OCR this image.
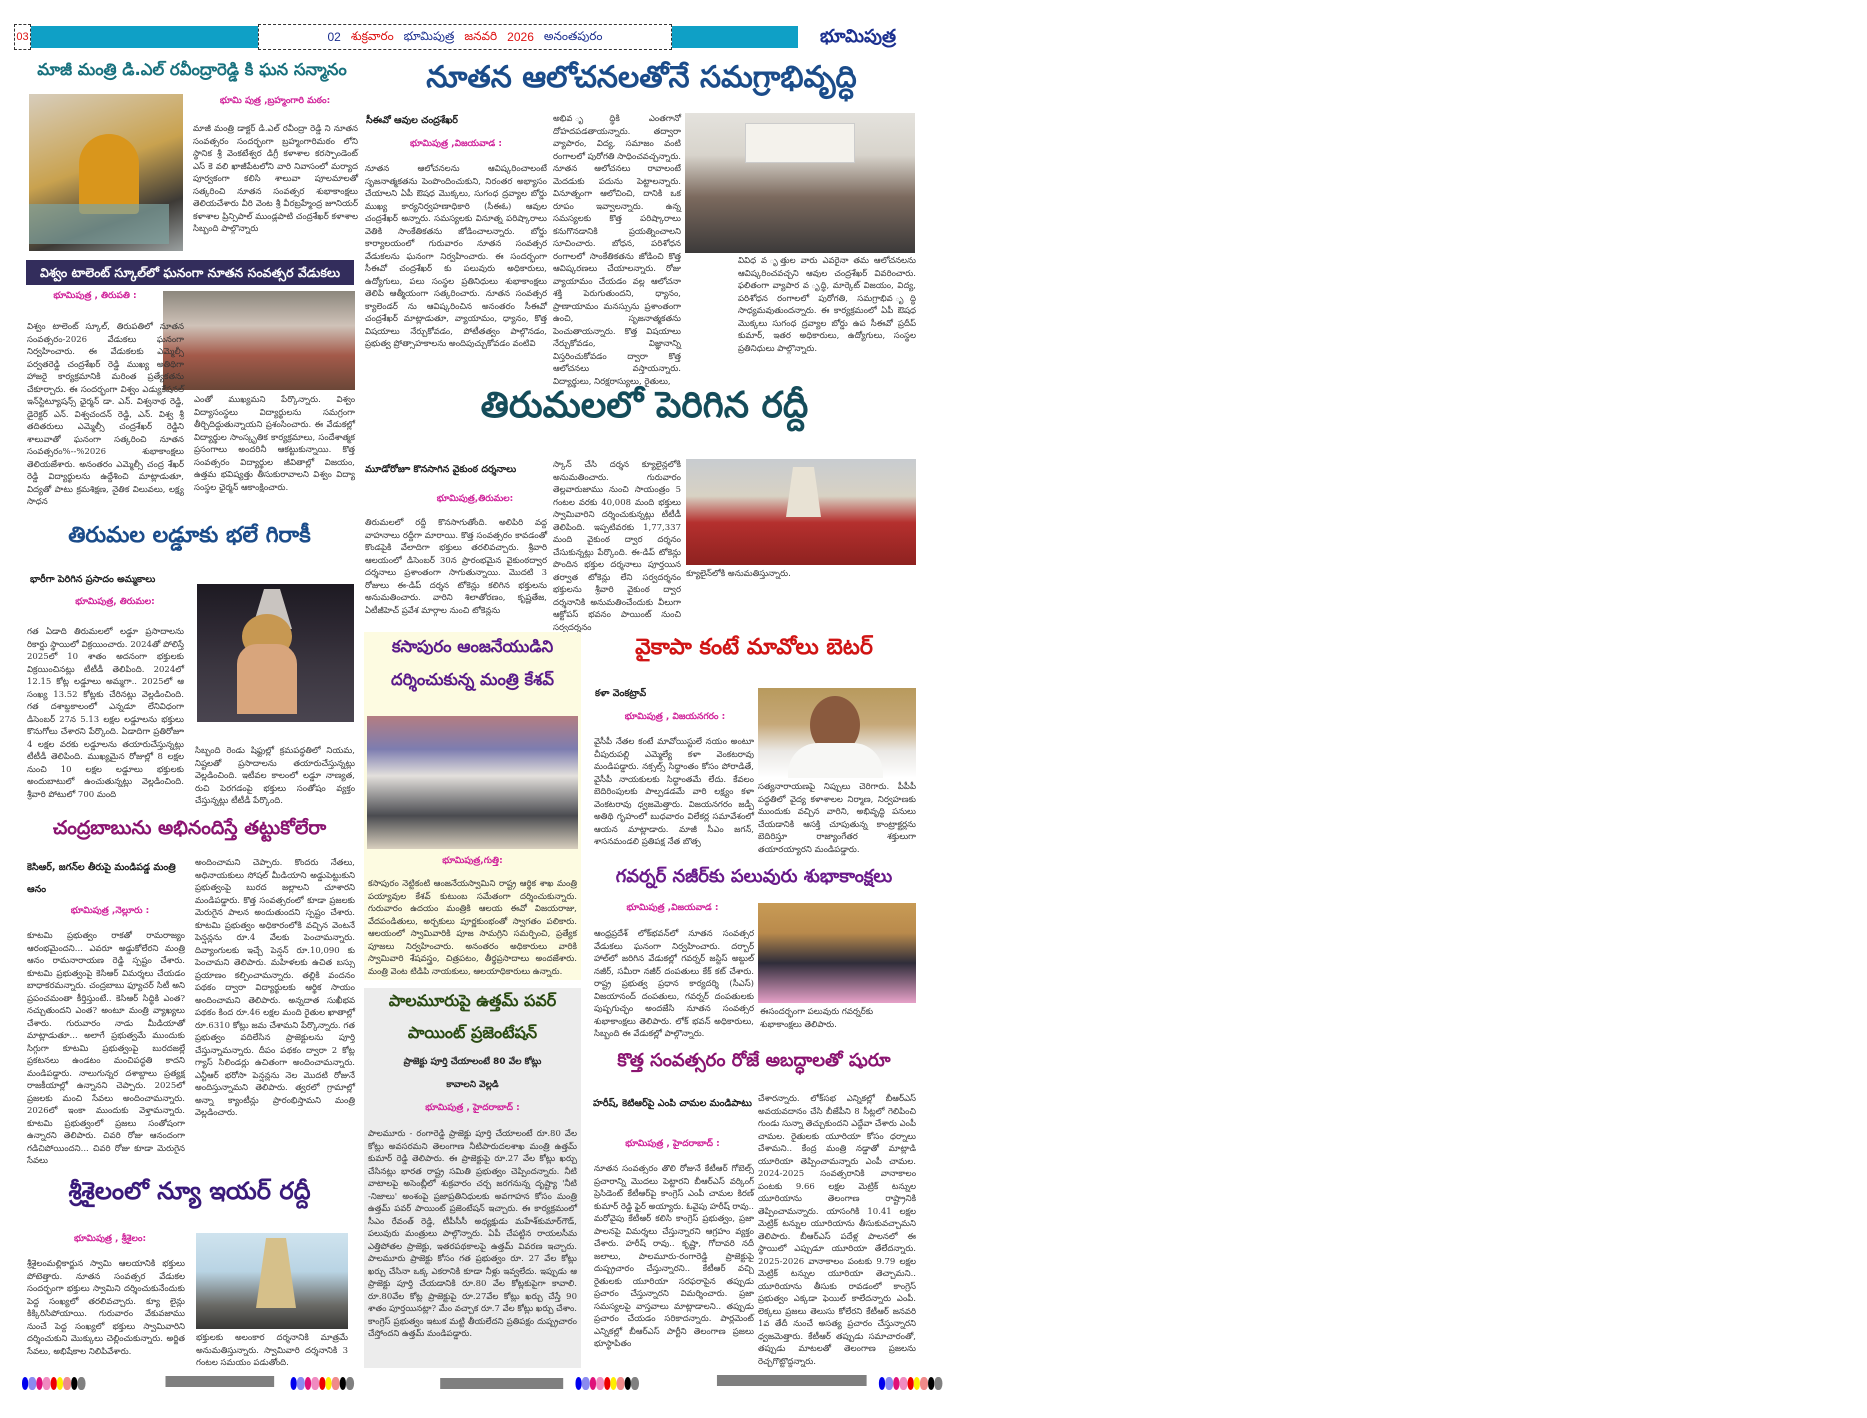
03	02 శుక్రవారం భూమిపుత్ర జనవరి 2026 అనంతపురం	భూమిపుత్ర
మాజీ మంత్రి డి.ఎల్ రవీంద్రారెడ్డి కి ఘన సన్మానం
భూమి పుత్ర ,బ్రహ్మంగారి మఠం:
మాజీ మంత్రి డాక్టర్ డి.ఎల్ రవీంద్రా రెడ్డి ని నూతన సంవత్సరం సందర్భంగా బ్రహ్మంగారిమఠం లోని స్థానిక శ్రీ వెంకటేశ్వర డిగ్రీ కళాశాల కరస్పాండెంట్ ఎస్ కె వలి ఖాజీపేటలోని వారి నివాసంలో మర్యాద పూర్వకంగా కలిసి శాలువా పూలమాలతో సత్కరించి నూతన సంవత్సర శుభాకాంక్షలు తెలియచేశారు వీరి వెంట శ్రీ వీరబ్రహ్మేంద్ర జూనియర్ కళాశాల ప్రిన్సిపాల్ ముండ్లపాటి చంద్రశేఖర్ కళాశాల సిబ్బంది పాల్గొన్నారు
విశ్వం టాలెంట్ స్కూల్‌లో ఘనంగా నూతన సంవత్సర వేడుకలు
భూమిపుత్ర , తిరుపతి :
విశ్వం టాలెంట్ స్కూల్, తిరుపతిలో నూతన సంవత్సరం-2026 వేడుకలు ఘనంగా నిర్వహించారు. ఈ వేడుకలకు ఎమ్మెల్సీ పర్వతరెడ్డి చంద్రశేఖర్ రెడ్డి ముఖ్య అతిథిగా హాజరై కార్యక్రమానికి మరింత ప్రత్యేకతను చేకూర్చారు. ఈ సందర్భంగా విశ్వం ఎడ్యుకేషనల్ ఇన్‌స్టిట్యూషన్స్ ఛైర్మన్ డా. ఎన్. విశ్వనాథ రెడ్డి, డైరెక్టర్ ఎన్. విశ్వచందన్ రెడ్డి, ఎన్. విశ్వ శ్రీ తదితరులు ఎమ్మెల్సీ చంద్రశేఖర్ రెడ్డిని శాలువాతో ఘనంగా సత్కరించి నూతన సంవత్సరం%--%2026 శుభాకాంక్షలు తెలియజేశారు. అనంతరం ఎమ్మెల్సీ చంద్ర శేఖర్ రెడ్డి విద్యార్థులను ఉద్దేశించి మాట్లాడుతూ, విద్యతో పాటు క్రమశిక్షణ, నైతిక విలువలు, లక్ష్య సాధన
ఎంతో ముఖ్యమని పేర్కొన్నారు. విశ్వం విద్యాసంస్థలు విద్యార్థులను సమగ్రంగా తీర్చిదిద్దుతున్నాయని ప్రశంసించారు. ఈ వేడుకల్లో విద్యార్థుల సాంస్కృతిక కార్యక్రమాలు, సందేశాత్మక ప్రసంగాలు అందరినీ ఆకట్టుకున్నాయి. కొత్త సంవత్సరం విద్యార్థుల జీవితాల్లో విజయం, ఉత్తమ భవిష్యత్తు తీసుకురావాలని విశ్వం విద్యా సంస్థల ఛైర్మన్ ఆకాంక్షించారు.
నూతన ఆలోచనలతోనే సమగ్రాభివృద్ధి
సీఈవో ఆవుల చంద్రశేఖర్
భూమిపుత్ర ,విజయవాడ :
నూతన ఆలోచనలను ఆవిష్కరించాలంటే సృజనాత్మకతను పెంపొందించుకుని, నిరంతర అభ్యాసం చేయాలని ఏపీ ఔషధ మొక్కలు, సుగంధ ద్రవ్యాల బోర్డు ముఖ్య కార్యనిర్వహణాధికారి (సీఈఓ) ఆవుల చంద్రశేఖర్ అన్నారు. సమస్యలకు వినూత్న పరిష్కారాలు వెతికి సాంకేతికతను జోడించాలన్నారు. బోర్డు కార్యాలయంలో గురువారం నూతన సంవత్సర వేడుకలను ఘనంగా నిర్వహించారు. ఈ సందర్భంగా సీఈవో చంద్రశేఖర్ కు పలువురు అధికారులు, ఉద్యోగులు, పలు సంస్థల ప్రతినిధులు శుభాకాంక్షలు తెలిపి ఆత్మీయంగా సత్కరించారు. నూతన సంవత్సర క్యాలెండర్ ను ఆవిష్కరించిన అనంతరం సీఈవో చంద్రశేఖర్ మాట్లాడుతూ, వ్యాయామం, ధ్యానం, కొత్త విషయాలు నేర్చుకోవడం, పోటీతత్వం పాల్గొనడం, ప్రభుత్వ ప్రోత్సాహకాలను అందిపుచ్చుకోవడం వంటివి
అభివ ృద్ధికి ఎంతగానో దోహదపడతాయన్నారు. తద్వారా వ్యాపారం, విద్య, సమాజం వంటి రంగాలలో పురోగతి సాధించవచ్చన్నారు. నూతన ఆలోచనలు రావాలంటే మెదడుకు పదును పెట్టాలన్నారు. వినూత్నంగా ఆలోచించి, దానికి ఒక రూపం ఇవ్వాలన్నారు. ఉన్న సమస్యలకు కొత్త పరిష్కారాలు కనుగొనడానికి ప్రయత్నించాలని సూచించారు. బోధన, పరిశోధన రంగాలలో సాంకేతికతను జోడించి కొత్త ఆవిష్కరణలు చేయాలన్నారు. రోజు వ్యాయామం చేయడం వల్ల ఆలోచనా శక్తి పెరుగుతుందని, ధ్యానం, ప్రాణాయామం మనస్సును ప్రశాంతంగా ఉంచి, సృజనాత్మకతను పెంచుతాయన్నారు. కొత్త విషయాలు నేర్చుకోవడం, విజ్ఞానాన్ని విస్తరించుకోవడం ద్వారా కొత్త ఆలోచనలు వస్తాయన్నారు. విద్యార్థులు, నిరక్షరాస్యులు, రైతులు,
వివిధ వ ృత్తుల వారు ఎవరైనా తమ ఆలోచనలను ఆవిష్కరించవచ్చని ఆవుల చంద్రశేఖర్ వివరించారు. ఫలితంగా వ్యాపార వ ృద్ధి, మార్కెట్ విజయం, విద్య, పరిశోధన రంగాలలో పురోగతి, సమగ్రాభివ ృద్ధి సాధ్యమవుతుందన్నారు. ఈ కార్యక్రమంలో ఏపీ ఔషధ మొక్కలు సుగంధ ద్రవ్యాల బోర్డు ఉప సీఈవో ప్రదీప్ కుమార్, ఇతర అధికారులు, ఉద్యోగులు, సంస్థల ప్రతినిధులు పాల్గొన్నారు.
తిరుమలలో పెరిగిన రద్దీ
మూడోరోజూ కొనసాగిన వైకుంఠ దర్శనాలు
భూమిపుత్ర,తిరుమల:
తిరుమలలో రద్దీ కొనసాగుతోంది. అలిపిరి వద్ద వాహనాలు రద్దీగా మారాయి. కొత్త సంవత్సరం కావడంతో కొండపైకి వేలాదిగా భక్తులు తరలివచ్చారు. శ్రీవారి ఆలయంలో డిసెంబర్ 30న ప్రారంభమైన వైకుంఠద్వార దర్శనాలు ప్రశాంతంగా సాగుతున్నాయి. మొదటి 3 రోజులు ఈ-డిప్ దర్శన టోకెన్లు కలిగిన భక్తులను అనుమతించారు. వారిని శిలాతోరణం, కృష్ణతేజ, ఏటీజీహెచ్ ప్రవేశ మార్గాల నుంచి టోకెన్లను
స్కాన్ చేసి దర్శన క్యూలైన్లలోకి అనుమతించారు. గురువారం తెల్లవారుజాము నుంచి సాయంత్రం 5 గంటల వరకు 40,008 మంది భక్తులు స్వామివారిని దర్శించుకున్నట్లు టీటీడీ తెలిపింది. ఇప్పటివరకు 1,77,337 మంది వైకుంఠ ద్వార దర్శనం చేసుకున్నట్లు పేర్కొంది. ఈ-డిప్ టోకెన్లు పొందిన భక్తుల దర్శనాలు పూర్తయిన తర్వాత టోకెన్లు లేని సర్వదర్శనం భక్తులను శ్రీవారి వైకుంఠ ద్వార దర్శనానికి అనుమతించేందుకు వీలుగా ఆక్టోపస్ భవనం పాయింట్ నుంచి సర్వదర్శనం
క్యూలైన్‌లోకి అనుమతిస్తున్నారు.
తిరుమల లడ్డూకు భలే గిరాకీ
భారీగా పెరిగిన ప్రసాదం అమ్మకాలు
భూమిపుత్ర, తిరుమల:
గత ఏడాది తిరుమలలో లడ్డూ ప్రసాదాలను రికార్డు స్థాయిలో విక్రయించారు. 2024తో పోలిస్తే 2025లో 10 శాతం అదనంగా భక్తులకు విక్రయించినట్లు టీటీడీ తెలిపింది. 2024లో 12.15 కోట్ల లడ్డూలు అమ్మగా.. 2025లో ఆ సంఖ్య 13.52 కోట్లకు చేరినట్లు వెల్లడించింది. గత దశాబ్దకాలంలో ఎన్నడూ లేనివిధంగా డిసెంబర్ 27న 5.13 లక్షల లడ్డూలను భక్తులు కొనుగోలు చేశారని పేర్కొంది. ఏడాదిగా ప్రతిరోజూ 4 లక్షల వరకు లడ్డూలను తయారుచేస్తున్నట్లు టీటీడీ తెలిపింది. ముఖ్యమైన రోజుల్లో 8 లక్షల నుంచి 10 లక్షల లడ్డూలు భక్తులకు అందుబాటులో ఉంచుతున్నట్లు వెల్లడించింది. శ్రీవారి పోటులో 700 మంది
సిబ్బంది రెండు షిఫ్టుల్లో క్రమపద్ధతిలో నియమ, నిష్టలతో ప్రసాదాలను తయారుచేస్తున్నట్లు వెల్లడించింది. ఇటీవల కాలంలో లడ్డూ నాణ్యత, రుచి పెరగడంపై భక్తులు సంతోషం వ్యక్తం చేస్తున్నట్లు టీటీడీ పేర్కొంది.
కసాపురం ఆంజనేయుడిని
దర్శించుకున్న మంత్రి కేశవ్
భూమిపుత్ర,గుత్తి:
కసాపురం నెట్టికంటి ఆంజనేయస్వామిని రాష్ట్ర ఆర్థిక శాఖ మంత్రి పయ్యావుల కేశవ్ కుటుంబ సమేతంగా దర్శించుకున్నారు. గురువారం ఉదయం మంత్రికి ఆలయ ఈవో విజయరాజు, వేదపండితులు, అర్చకులు పూర్ణకుంభంతో స్వాగతం పలికారు. ఆలయంలో స్వామివారికి పూజ సామగ్రిని సమర్పించి, ప్రత్యేక పూజలు నిర్వహించారు. అనంతరం అధికారులు వారికి స్వామివారి శేషవస్త్రం, చిత్రపటం, తీర్థప్రసాదాలు అందజేశారు. మంత్రి వెంట టిడిపి నాయకులు, ఆలయాధికారులు ఉన్నారు.
వైకాపా కంటే మావోలు బెటర్
కళా వెంకట్రావ్
భూమిపుత్ర , విజయనగరం :
వైసీపీ నేతల కంటే మావోయిస్టులే నయం అంటూ చీపురుపల్లి ఎమ్మెల్యే కళా వెంకటరావు మండిపడ్డారు. నక్సల్స్ సిద్ధాంతం కోసం పోరాడితే, వైసీపీ నాయకులకు సిద్ధాంతమే లేదు. కేవలం బెదిరింపులకు పాల్పడడమే వారి లక్ష్యం కళా వెంకటరావు ధ్వజమెత్తారు. విజయనగరం జడ్పీ అతిథి గృహంలో బుధవారం విలేకర్ల సమావేశంలో ఆయన మాట్లాడారు. మాజీ సీఎం జగన్, శాసనమండలి ప్రతిపక్ష నేత బొత్స
సత్యనారాయణపై నిప్పులు చెరిగారు. పీపీపీ పద్ధతిలో వైద్య కళాశాలల నిర్మాణ, నిర్వహణకు ముందుకు వచ్చిన వారిని, అభివృద్ధి పనులు చేయడానికి ఆసక్తి చూపుతున్న కాంట్రాక్టర్లను బెదిరిస్తూ రాజ్యాంగేతర శక్తులుగా తయారయ్యారని మండిపడ్డారు.
చంద్రబాబును అభినందిస్తే తట్టుకోలేరా
కెసిఆర్, జగన్‌ల తీరుపై మండిపడ్డ మంత్రి ఆనం
భూమిపుత్ర ,నెల్లూరు :
కూటమి ప్రభుత్వం రాకతో రామరాజ్యం ఆరంభమైందని... ఎవరూ అడ్డుకోలేరని మంత్రి ఆనం రామనారాయణ రెడ్డి స్పష్టం చేశారు. కూటమి ప్రభుత్వంపై కెసిఆర్ విమర్శలు చేయడం బాధాకరమన్నారు. చంద్రబాబు ఫ్యూచర్ సిటీ అని ప్రపంచమంతా కీర్తిస్తుంటే.. కెసిఆర్ సిద్ధికి ఎంత? నచ్చుతుందని ఎంత? అంటూ మంత్రి వ్యాఖ్యలు చేశారు. గురువారం నాడు మీడియాతో మాట్లాడుతూ... అలాగే ప్రభుత్వమే ముందుకు సిగ్గుగా కూటమి ప్రభుత్వంపై బురదజల్లే ప్రకటనలు ఉండటం మంచిపద్ధతి కాదని మండిపడ్డారు. నాలుగున్నర దశాబ్దాలు ప్రత్యక్ష రాజకీయాల్లో ఉన్నానని చెప్పారు. 2025లో ప్రజలకు మంచి సేవలు అందించామన్నారు. 2026లో ఇంకా ముందుకు వెళ్తామన్నారు. కూటమి ప్రభుత్వంలో ప్రజలు సంతోషంగా ఉన్నారని తెలిపారు. చివరి రోజు ఆనందంగా గడిచిపోయిందని... చివరి రోజు కూడా మెరుగైన సేవలు
అందించామని చెప్పారు. కొందరు నేతలు, అధినాయకులు సోషల్ మీడియాని అడ్డుపెట్టుకుని ప్రభుత్వంపై బురద జల్లాలని చూశారని మండిపడ్డారు. కొత్త సంవత్సరంలో కూడా ప్రజలకు మెరుగైన పాలన అందుతుందని స్పష్టం చేశారు. కూటమి ప్రభుత్వం అధికారంలోకి వచ్చిన వెంటనే పెన్షన్లను రూ.4 వేలకు పెంచామన్నారు. దివ్యాంగులకు ఇచ్చే పెన్షన్ రూ.10,090 కు పెంచామని తెలిపారు. మహిళలకు ఉచిత బస్సు ప్రయాణం కల్పించామన్నారు. తల్లికి వందనం పథకం ద్వారా విద్యార్థులకు ఆర్థిక సాయం అందించామని తెలిపారు. అన్నదాత సుఖీభవ పథకం కింద రూ.46 లక్షల మంది రైతుల ఖాతాల్లో రూ.6310 కోట్లు జమ చేశామని పేర్కొన్నారు. గత ప్రభుత్వం వదిలేసిన ప్రాజెక్టులను పూర్తి చేస్తున్నామన్నారు. దీపం పథకం ద్వారా 2 కోట్ల గ్యాస్ సిలిండర్లు ఉచితంగా అందించామన్నారు. ఎన్టీఆర్ భరోసా పెన్షన్లను నెల మొదటి రోజునే అందిస్తున్నామని తెలిపారు. త్వరలో గ్రామాల్లో అన్నా క్యాంటీన్లు ప్రారంభిస్తామని మంత్రి వెల్లడించారు.
గవర్నర్ నజీర్‌కు పలువురు శుభాకాంక్షలు
భూమిపుత్ర ,విజయవాడ :
ఆంధ్రప్రదేశ్ లోక్‌భవన్‌లో నూతన సంవత్సర వేడుకలు ఘనంగా నిర్వహించారు. దర్బార్ హాల్‌లో జరిగిన వేడుకల్లో గవర్నర్ జస్టిస్ అబ్దుల్ నజీర్, సమీరా నజీర్ దంపతులు కేక్ కట్ చేశారు. రాష్ట్ర ప్రభుత్వ ప్రధాన కార్యదర్శి (సీఎస్) విజయానంద్ దంపతులు, గవర్నర్ దంపతులకు పుష్పగుచ్ఛం అందజేసి నూతన సంవత్సర శుభాకాంక్షలు తెలిపారు. లోక్ భవన్ అధికారులు, సిబ్బంది ఈ వేడుకల్లో పాల్గొన్నారు.
ఈసందర్భంగా పలువురు గవర్నర్‌కు శుభాకాంక్షలు తెలిపారు.
పాలమూరుపై ఉత్తమ్ పవర్
పాయింట్ ప్రజెంటేషన్
ప్రాజెక్టు పూర్తి చేయాలంటే 80 వేల కోట్లు
కావాలని వెల్లడి
భూమిపుత్ర , హైదరాబాద్ :
పాలమూరు - రంగారెడ్డి ప్రాజెక్టు పూర్తి చేయాలంటే రూ.80 వేల కోట్లు అవసరమని తెలంగాణ నీటిపారుదలశాఖ మంత్రి ఉత్తమ్ కుమార్ రెడ్డి తెలిపారు. ఈ ప్రాజెక్టుపై రూ.27 వేల కోట్లు ఖర్చు చేసినట్లు భారత రాష్ట్ర సమితి ప్రభుత్వం చెప్పిందన్నారు. నీటి వాటాలపై అసెంబ్లీలో శుక్రవారం చర్చ జరగనున్న దృష్ట్యా 'నీటి -నిజాలు' అంశంపై ప్రజాప్రతినిధులకు అవగాహన కోసం మంత్రి ఉత్తమ్ పవర్ పాయింట్ ప్రజెంటేషన్ ఇచ్చారు. ఈ కార్యక్రమంలో సీఎం రేవంత్ రెడ్డి, టీపీసీసీ అధ్యక్షుడు మహేశ్‌కుమార్‌గౌడ్, పలువురు మంత్రులు పాల్గొన్నారు. ఏపీ చేపట్టిన రాయలసీమ ఎత్తిపోతల ప్రాజెక్టు, ఇతరపథకాలపై ఉత్తమ్ వివరణ ఇచ్చారు. పాలమూరు ప్రాజెక్టు కోసం గత ప్రభుత్వం రూ. 27 వేల కోట్లు ఖర్చు చేసినా ఒక్క ఎకరానికి కూడా నీళ్లు ఇవ్వలేదు. ఇప్పుడు ఆ ప్రాజెక్టు పూర్తి చేయడానికి రూ.80 వేల కోట్లకుపైగా కావాలి. రూ.80వేల కోట్ల ప్రాజెక్టుపై రూ.27వేల కోట్లు ఖర్చు చేస్తే 90 శాతం పూర్తయినట్లా? మేం వచ్చాక రూ.7 వేల కోట్లు ఖర్చు చేశాం. కాంగ్రెస్ ప్రభుత్వం ఇటుక మట్టి తీయలేదని ప్రతిపక్షం దుష్ప్రచారం చేస్తోందని ఉత్తమ్ మండిపడ్డారు.
కొత్త సంవత్సరం రోజే అబద్ధాలతో షురూ
హరీష్, కెటిఆర్‌పై ఎంపి చామల మండిపాటు
భూమిపుత్ర , హైదరాబాద్ :
నూతన సంవత్సరం తొలి రోజునే కేటీఆర్ గోబెల్స్ ప్రచారాన్ని మొదలు పెట్టారని బీఆర్ఎస్ వర్కింగ్ ప్రెసిడెంట్ కేటీఆర్‌పై కాంగ్రెస్ ఎంపీ చామల కిరణ్ కుమార్ రెడ్డి ఫైర్ అయ్యారు. ఓవైపు హరీష్ రావు.. మరోవైపు కేటీఆర్ కలిసి కాంగ్రెస్ ప్రభుత్వం, ప్రజా పాలనపై విమర్శలు చేస్తున్నారని ఆగ్రహం వ్యక్తం చేశారు. హరీష్ రావు.. కృష్ణా, గోదావరి నదీ జలాలు, పాలమూరు-రంగారెడ్డి ప్రాజెక్టుపై దుష్ప్రచారం చేస్తున్నారని.. కేటీఆర్ వచ్చి రైతులకు యూరియా సరఫరాపైన తప్పుడు ప్రచారం చేస్తున్నారని విమర్శించారు. ప్రజా సమస్యలపై వాస్తవాలు మాట్లాడాలని.. తప్పుడు ప్రచారం చేయడం సరికాదన్నారు. పార్లమెంట్ ఎన్నికల్లో బీఆర్ఎస్ పార్టీని తెలంగాణ ప్రజలు భూస్థాపితం
చేశారన్నారు. లోక్‌సభ ఎన్నికల్లో బీఆర్ఎస్ అవయవదానం చేసి బీజేపీని 8 సీట్లలో గెలిపించి గుండు సున్నా తెచ్చుకుందని ఎద్దేవా చేశారు ఎంపీ చామల. రైతులకు యూరియా కోసం ధర్నాలు చేశామని.. కేంద్ర మంత్రి నడ్డాతో మాట్లాడి యూరియా తెప్పించామన్నారు ఎంపీ చామల. 2024-2025 సంవత్సరానికి వానాకాలం పంటకు 9.66 లక్షల మెట్రిక్ టన్నుల యూరియాను తెలంగాణ రాష్ట్రానికి తెప్పించామన్నారు. యాసంగికి 10.41 లక్షల మెట్రిక్ టన్నుల యూరియాను తీసుకువచ్చామని తెలిపారు. బీఆర్ఎస్ పదేళ్ల పాలనలో ఈ స్థాయిలో ఎప్పుడూ యూరియా తేలేదన్నారు. 2025-2026 వానాకాలం పంటకు 9.79 లక్షల మెట్రిక్ టన్నుల యూరియా తెచ్చామని.. యూరియాను తీసుకు రావడంలో కాంగ్రెస్ ప్రభుత్వం ఎక్కడా ఫెయిల్ కాలేదన్నారు ఎంపీ. లెక్కలు ప్రజలు తెలుసు కోలేరని కేటీఆర్ జనవరి 1వ తేదీ నుంచే అసత్య ప్రచారం చేస్తున్నారని ధ్వజమెత్తారు. కేటీఆర్ తప్పుడు సమాచారంతో, తప్పుడు మాటలతో తెలంగాణ ప్రజలను రెచ్చగొట్టొద్దన్నారు.
శ్రీశైలంలో న్యూ ఇయర్ రద్దీ
భూమిపుత్ర , శ్రీశైలం:
శ్రీశైలంమల్లికార్జున స్వామి ఆలయానికి భక్తులు పోటెత్తారు. నూతన సంవత్సర వేడుకల సందర్భంగా భక్తులు స్వామిని దర్శించుకునేందుకు పెద్ద సంఖ్యలో తరలివచ్చారు. క్యూ లైన్లు కిక్కిరిసిపోయాయి. గురువారం వేకువజాము నుంచే పెద్ద సంఖ్యలో భక్తులు స్వామివారిని దర్శించుకుని మొక్కులు చెల్లించుకున్నారు. అర్జిత సేవలు, అభిషేకాల నిలిపివేశారు.
భక్తులకు అలంకార దర్శనానికి మాత్రమే అనుమతిస్తున్నారు. స్వామివారి దర్శనానికి 3 గంటల సమయం పడుతోంది.
